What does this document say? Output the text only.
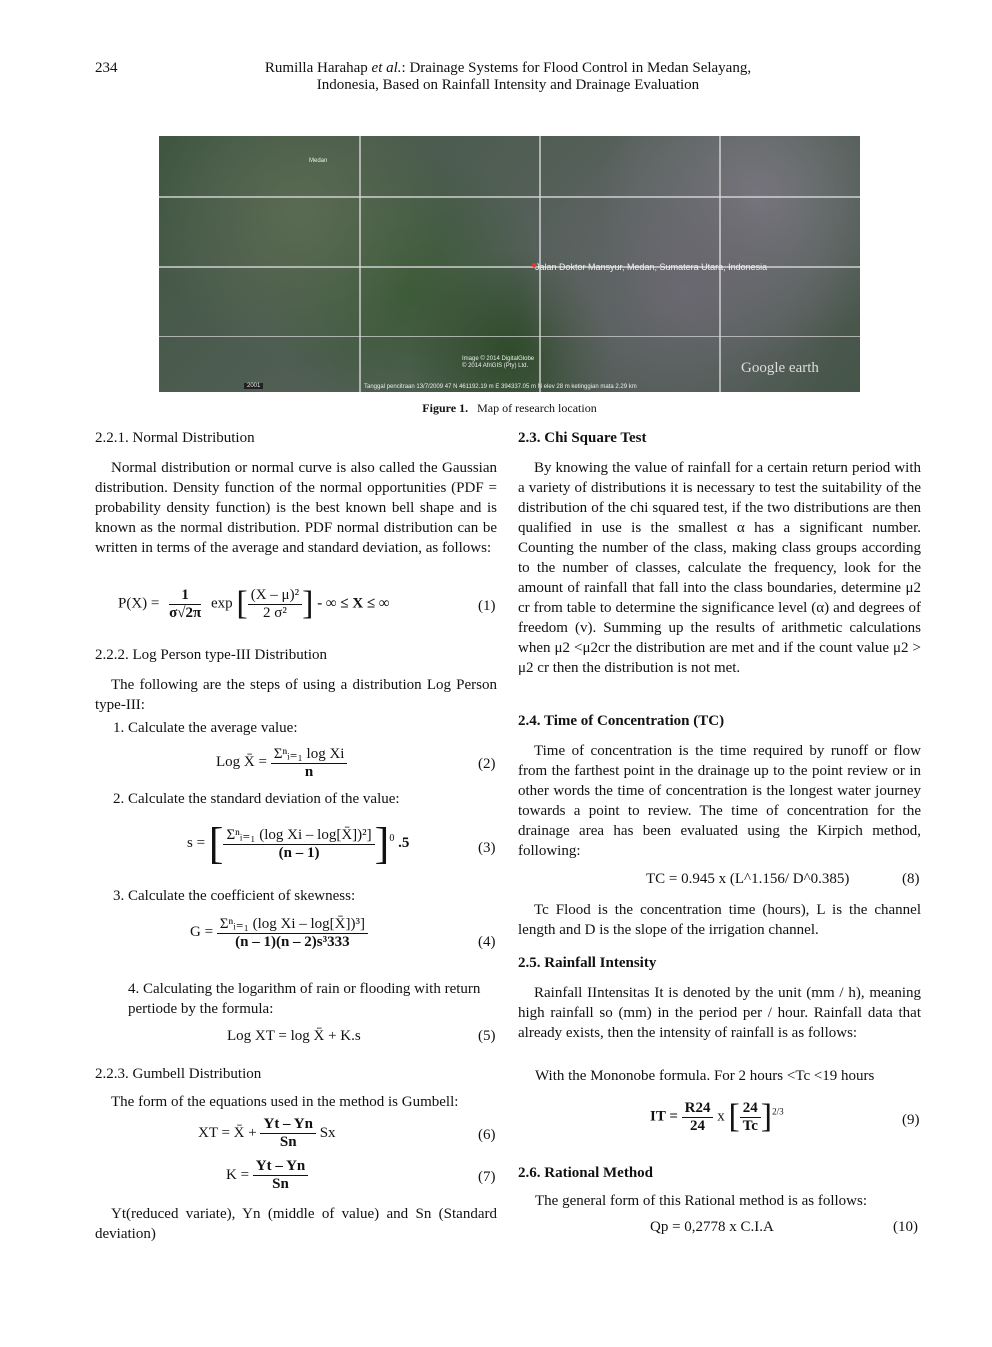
234	Rumilla Harahap et al.: Drainage Systems for Flood Control in Medan Selayang,
Indonesia, Based on Rainfall Intensity and Drainage Evaluation
Medan
●
Jalan Doktor Mansyur, Medan, Sumatera Utara, Indonesia
Image © 2014 DigitalGlobe
© 2014 AfriGIS (Pty) Ltd.	Google earth
2001	Tanggal pencitraan 13/7/2009 47 N 461192.19 m E 394337.05 m N elev 28 m ketinggian mata 2.29 km
Figure 1. Map of research location
2.2.1. Normal Distribution
Normal distribution or normal curve is also called the Gaussian distribution. Density function of the normal opportunities (PDF = probability density function) is the best known bell shape and is known as the normal distribution. PDF normal distribution can be written in terms of the average and standard deviation, as follows:
$P(X) = \frac{1}{\sigma√2\pi}$ exp [ $\frac{\text{(X – μ)²}}{\text{2 σ²}}$ ] - ∞ ≤ X ≤ ∞	(1)
2.2.2. Log Person type-III Distribution
The following are the steps of using a distribution Log Person type-III:
1. Calculate the average value:
Log X̄ = Σⁿᵢ₌₁ log Xi
n	(2)
2. Calculate the standard deviation of the value:
s = [ Σⁿᵢ₌₁ (log Xi – log[X̄])²]
(n – 1)	]$^0$ .5	(3)
3. Calculate the coefficient of skewness:
G = Σⁿᵢ₌₁ (log Xi – log[X̄])³]
(n – 1)(n – 2)s³333	(4)
4. Calculating the logarithm of rain or flooding with return
pertiode by the formula:
Log XT = log X̄ + K.s	(5)
2.2.3. Gumbell Distribution
The form of the equations used in the method is Gumbell:
XT = X̄ + $\frac{Yt - Yn}{Sn}$ Sx	(6)
$K = \frac{Yt - Yn}{Sn}$	(7)
Yt(reduced variate), Yn (middle of value) and Sn (Standard deviation)
2.3. Chi Square Test
By knowing the value of rainfall for a certain return period with a variety of distributions it is necessary to test the suitability of the distribution of the chi squared test, if the two distributions are then qualified in use is the smallest α has a significant number. Counting the number of the class, making class groups according to the number of classes, calculate the frequency, look for the amount of rainfall that fall into the class boundaries, determine μ2 cr from table to determine the significance level (α) and degrees of freedom (v). Summing up the results of arithmetic calculations when μ2 <μ2cr the distribution are met and if the count value μ2 > μ2 cr then the distribution is not met.
2.4. Time of Concentration (TC)
Time of concentration is the time required by runoff or flow from the farthest point in the drainage up to the point review or in other words the time of concentration is the longest water journey towards a point to review. The time of concentration for the drainage area has been evaluated using the Kirpich method, following:
TC = 0.945 x (L^1.156/ D^0.385)	(8)
Tc Flood is the concentration time (hours), L is the channel length and D is the slope of the irrigation channel.
2.5. Rainfall Intensity
Rainfall IIntensitas It is denoted by the unit (mm / h), meaning high rainfall so (mm) in the period per / hour. Rainfall data that already exists, then the intensity of rainfall is as follows:
With the Mononobe formula. For 2 hours <Tc <19 hours
IT = $\frac{R24}{24}$ x [ $\frac{24}{Tc} ]^{2/3}$
(9)
2.6. Rational Method
The general form of this Rational method is as follows:
Qp = 0,2778 x C.I.A	(10)
